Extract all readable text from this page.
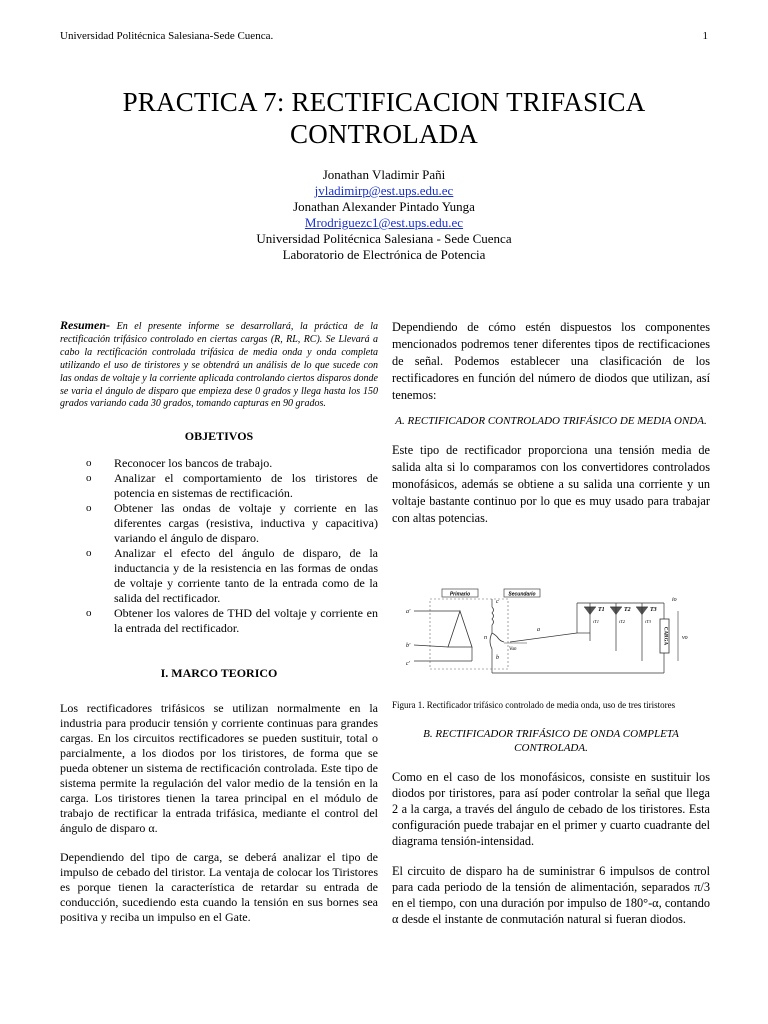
Universidad Politécnica Salesiana-Sede Cuenca.	1
PRACTICA 7: RECTIFICACION TRIFASICA
CONTROLADA
Jonathan Vladimir Pañi
jvladimirp@est.ups.edu.ec
Jonathan Alexander Pintado Yunga
Mrodriguezc1@est.ups.edu.ec
Universidad Politécnica Salesiana - Sede Cuenca
Laboratorio de Electrónica de Potencia

Resumen- En el presente informe se desarrollará, la práctica de la rectificación trifásico controlado en ciertas cargas (R, RL, RC). Se Llevará a cabo la rectificación controlada trifásica de media onda y onda completa utilizando el uso de tiristores y se obtendrá un análisis de lo que sucede con las ondas de voltaje y la corriente aplicada controlando ciertos disparos donde se varia el ángulo de disparo que empieza dese 0 grados y llega hasta los 150 grados variando cada 30 grados, tomando capturas en 90 grados.

OBJETIVOS
o	Reconocer los bancos de trabajo.
o	Analizar el comportamiento de los tiristores de potencia en sistemas de rectificación.
o	Obtener las ondas de voltaje y corriente en las diferentes cargas (resistiva, inductiva y capacitiva) variando el ángulo de disparo.
o	Analizar el efecto del ángulo de disparo, de la inductancia y de la resistencia en las formas de ondas de voltaje y corriente tanto de la entrada como de la salida del rectificador.
o	Obtener los valores de THD del voltaje y corriente en la entrada del rectificador.
I. MARCO TEORICO

Los rectificadores trifásicos se utilizan normalmente en la industria para producir tensión y corriente continuas para grandes cargas. En los circuitos rectificadores se pueden sustituir, total o parcialmente, a los diodos por los tiristores, de forma que se pueda obtener un sistema de rectificación controlada. Este tipo de sistema permite la regulación del valor medio de la tensión en la carga. Los tiristores tienen la tarea principal en el módulo de trabajo de rectificar la entrada trifásica, mediante el control del ángulo de disparo α.

Dependiendo del tipo de carga, se deberá analizar el tipo de impulso de cebado del tiristor. La ventaja de colocar los Tiristores es porque tienen la característica de retardar su entrada de conducción, sucediendo esta cuando la tensión en sus bornes sea positiva y reciba un impulso en el Gate.

Dependiendo de cómo estén dispuestos los componentes mencionados podremos tener diferentes tipos de rectificaciones de señal. Podemos establecer una clasificación de los rectificadores en función del número de diodos que utilizan, así tenemos:

A. RECTIFICADOR CONTROLADO TRIFÁSICO DE MEDIA ONDA.

Este tipo de rectificador proporciona una tensión media de salida alta si lo comparamos con los convertidores controlados monofásicos, además se obtiene a su salida una corriente y un voltaje bastante continuo por lo que es muy usado para trabajar con altas potencias.

Primario	Secundario
a'
b'
c'
n
c
b
a
Van
T1	T2	T3
iT1	iT2	iT3
CARGA
io
vo

Figura 1. Rectificador trifásico controlado de media onda, uso de tres tiristores

B. RECTIFICADOR TRIFÁSICO DE ONDA COMPLETA CONTROLADA.

Como en el caso de los monofásicos, consiste en sustituir los diodos por tiristores, para así poder controlar la señal que llega 2 a la carga, a través del ángulo de cebado de los tiristores. Esta configuración puede trabajar en el primer y cuarto cuadrante del diagrama tensión-intensidad.

El circuito de disparo ha de suministrar 6 impulsos de control para cada periodo de la tensión de alimentación, separados π/3 en el tiempo, con una duración por impulso de 180°-α, contando α desde el instante de conmutación natural si fueran diodos.
